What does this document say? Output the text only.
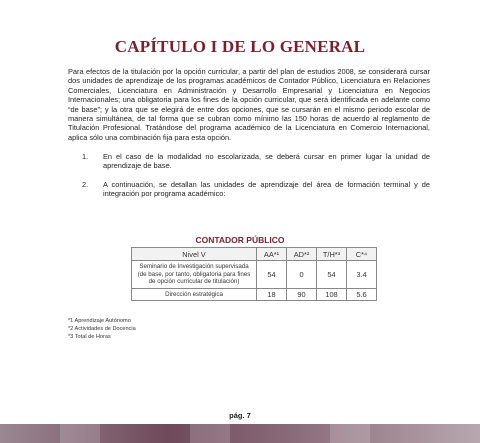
CAPÍTULO I DE LO GENERAL
Para efectos de la titulación por la opción curricular, a partir del plan de estudios 2008, se considerará cursar dos unidades de aprendizaje de los programas académicos de Contador Público, Licenciatura en Relaciones Comerciales, Licenciatura en Administración y Desarrollo Empresarial y Licenciatura en Negocios Internacionales; una obligatoria para los fines de la opción curricular, que será identificada en adelante como “de base”; y la otra que se elegirá de entre dos opciones, que se cursarán en el mismo periodo escolar de manera simultánea, de tal forma que se cubran como mínimo las 150 horas de acuerdo al reglamento de Titulación Profesional. Tratándose del programa académico de la Licenciatura en Comercio Internacional, aplica sólo una combinación fija para esta opción.
1.	En el caso de la modalidad no escolarizada, se deberá cursar en primer lugar la unidad de aprendizaje de base.
2.	A continuación, se detallan las unidades de aprendizaje del área de formación terminal y de integración por programa académico:
CONTADOR PÚBLICO
Nivel V	AA*¹	AD*²	T/H*³	C*⁴
Seminario de Investigación supervisada (de base, por tanto, obligatoria para fines de opción curricular de titulación)	54	0	54	3.4
Dirección estratégica	18	90	108	5.6
*1 Aprendizaje Autónomo
*2 Actividades de Docencia
*3 Total de Horas
pág. 7
